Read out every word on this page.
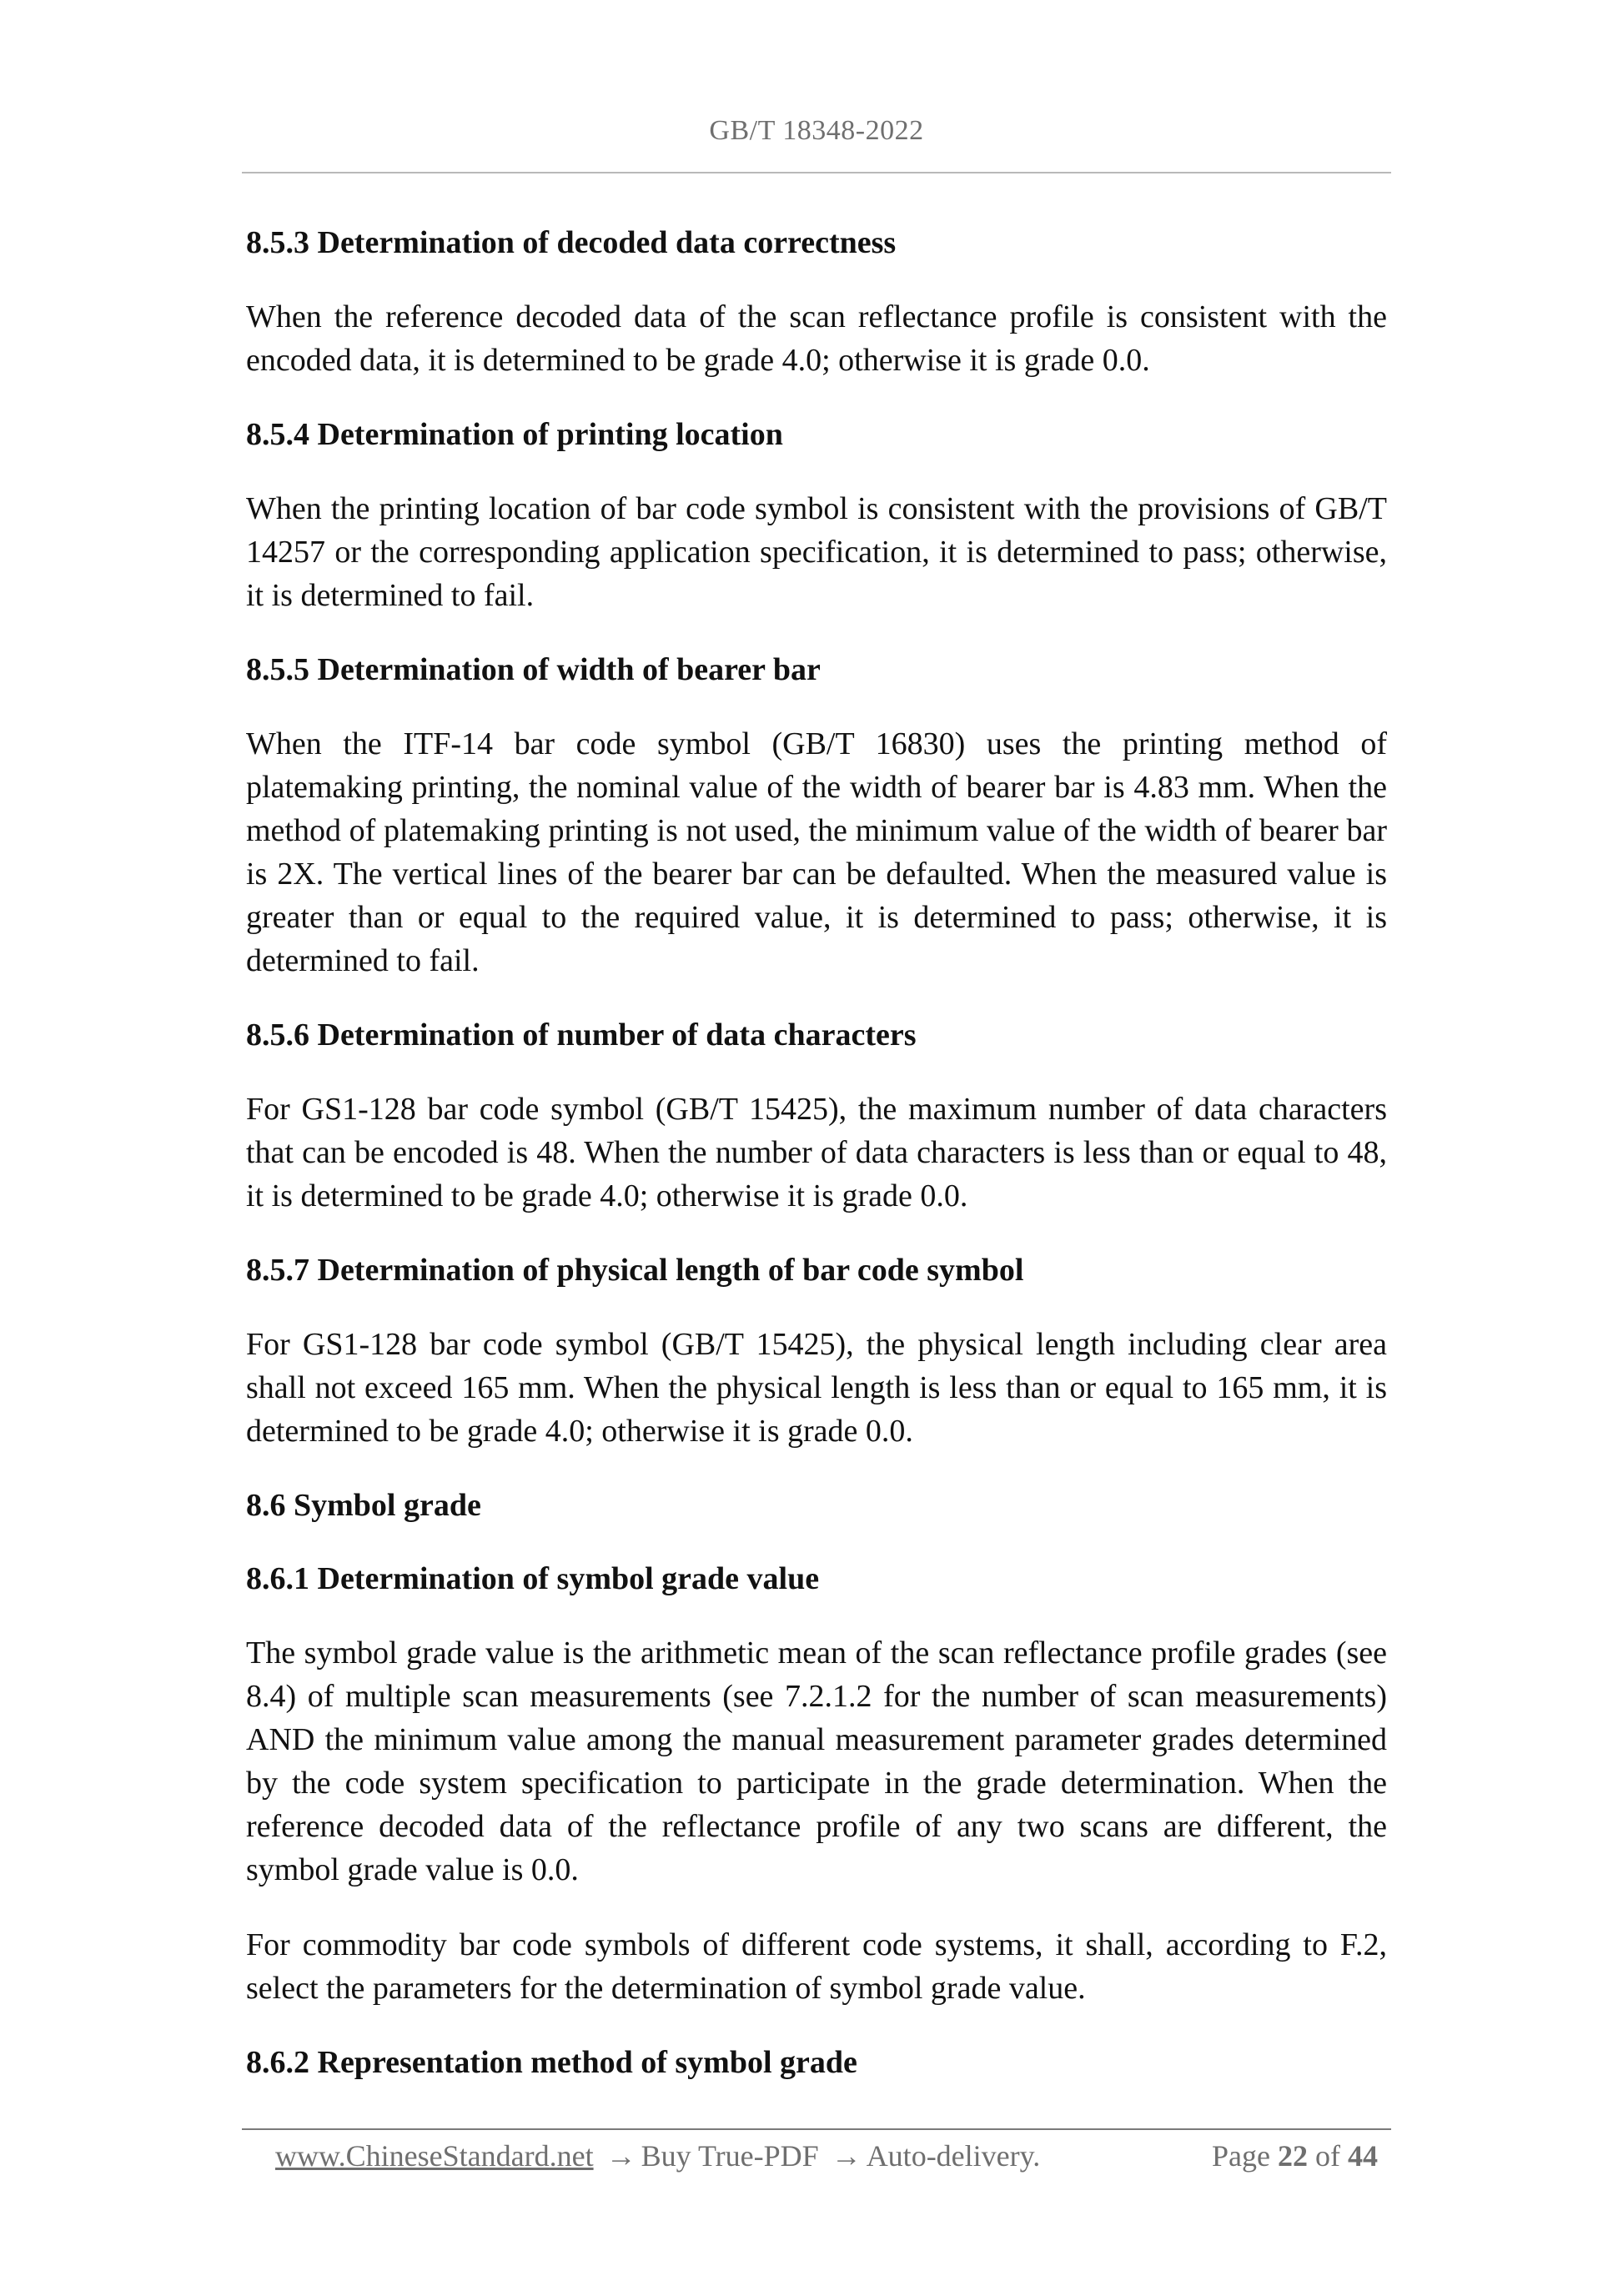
GB/T 18348-2022
8.5.3 Determination of decoded data correctness
When the reference decoded data of the scan reflectance profile is consistent with the encoded data, it is determined to be grade 4.0; otherwise it is grade 0.0.
8.5.4 Determination of printing location
When the printing location of bar code symbol is consistent with the provisions of GB/T 14257 or the corresponding application specification, it is determined to pass; otherwise, it is determined to fail.
8.5.5 Determination of width of bearer bar
When the ITF-14 bar code symbol (GB/T 16830) uses the printing method of platemaking printing, the nominal value of the width of bearer bar is 4.83 mm. When the method of platemaking printing is not used, the minimum value of the width of bearer bar is 2X. The vertical lines of the bearer bar can be defaulted. When the measured value is greater than or equal to the required value, it is determined to pass; otherwise, it is determined to fail.
8.5.6 Determination of number of data characters
For GS1-128 bar code symbol (GB/T 15425), the maximum number of data characters that can be encoded is 48. When the number of data characters is less than or equal to 48, it is determined to be grade 4.0; otherwise it is grade 0.0.
8.5.7 Determination of physical length of bar code symbol
For GS1-128 bar code symbol (GB/T 15425), the physical length including clear area shall not exceed 165 mm. When the physical length is less than or equal to 165 mm, it is determined to be grade 4.0; otherwise it is grade 0.0.
8.6 Symbol grade
8.6.1 Determination of symbol grade value
The symbol grade value is the arithmetic mean of the scan reflectance profile grades (see 8.4) of multiple scan measurements (see 7.2.1.2 for the number of scan measurements) AND the minimum value among the manual measurement parameter grades determined by the code system specification to participate in the grade determination. When the reference decoded data of the reflectance profile of any two scans are different, the symbol grade value is 0.0.
For commodity bar code symbols of different code systems, it shall, according to F.2, select the parameters for the determination of symbol grade value.
8.6.2 Representation method of symbol grade
www.ChineseStandard.net → Buy True-PDF → Auto-delivery.	Page 22 of 44
